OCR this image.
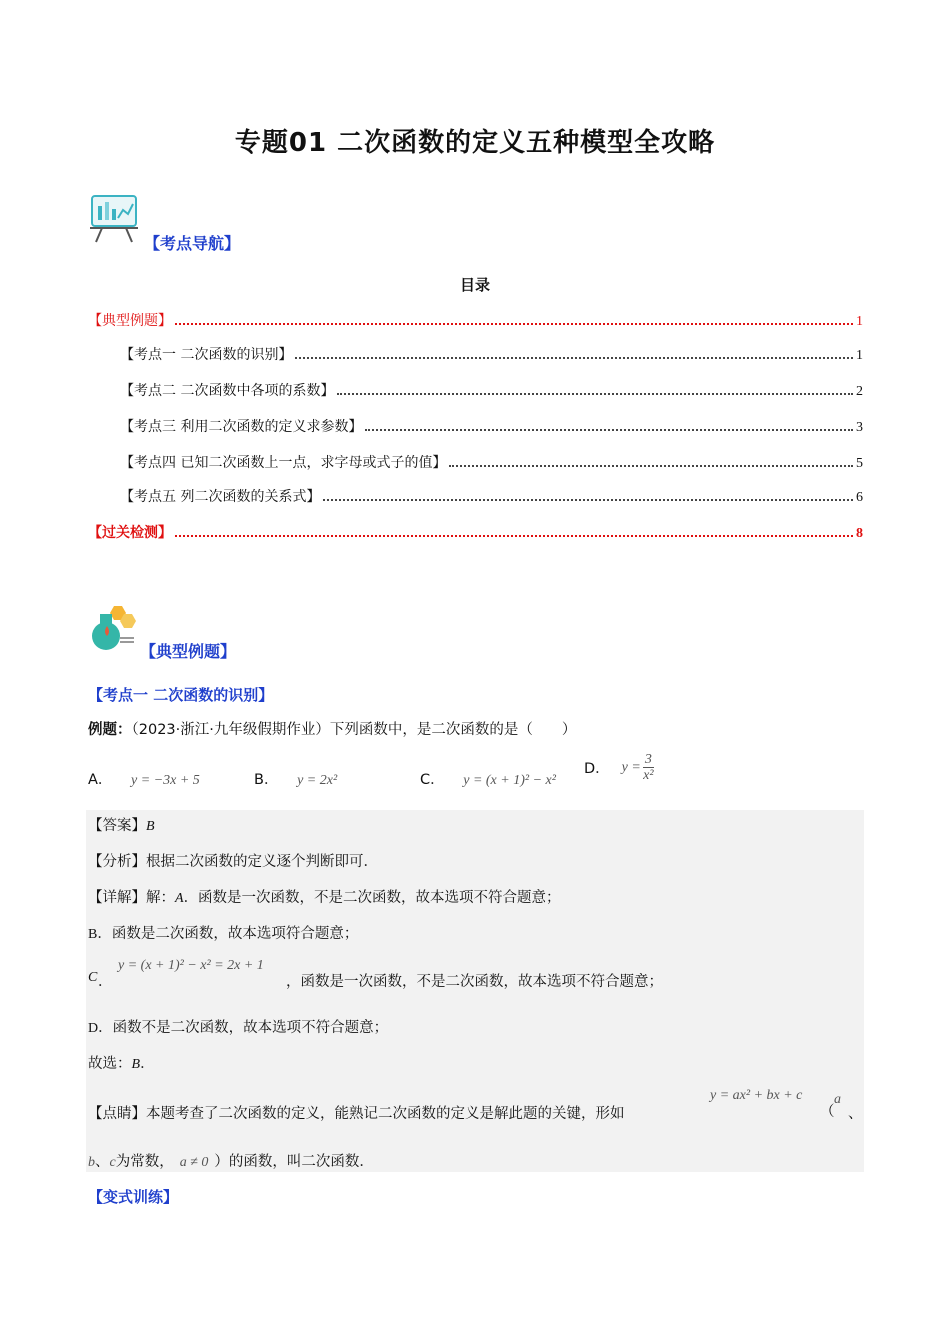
专题01 二次函数的定义五种模型全攻略
【考点导航】
目录
【典型例题】	1
【考点一 二次函数的识别】	1
【考点二 二次函数中各项的系数】	2
【考点三 利用二次函数的定义求参数】	3
【考点四 已知二次函数上一点，求字母或式子的值】	5
【考点五 列二次函数的关系式】	6
【过关检测】	8
【典型例题】
【考点一 二次函数的识别】
例题：（2023·浙江·九年级假期作业）下列函数中，是二次函数的是（　　）
A． y = −3x + 5	B． y = 2x²	C． y = (x + 1)² − x²
D． $y = \frac{3}{\text{x²}}$
【答案】B
【分析】根据二次函数的定义逐个判断即可．
【详解】解：A．函数是一次函数，不是二次函数，故本选项不符合题意；
B．函数是二次函数，故本选项符合题意；
C ．
y = (x + 1)² − x² = 2x + 1
，函数是一次函数，不是二次函数，故本选项不符合题意；
D．函数不是二次函数，故本选项不符合题意；
故选：B．
【点睛】本题考查了二次函数的定义，能熟记二次函数的定义是解此题的关键，形如
y = ax² + bx + c
（
a
、
b、c为常数， a ≠ 0 ）的函数，叫二次函数．
【变式训练】
